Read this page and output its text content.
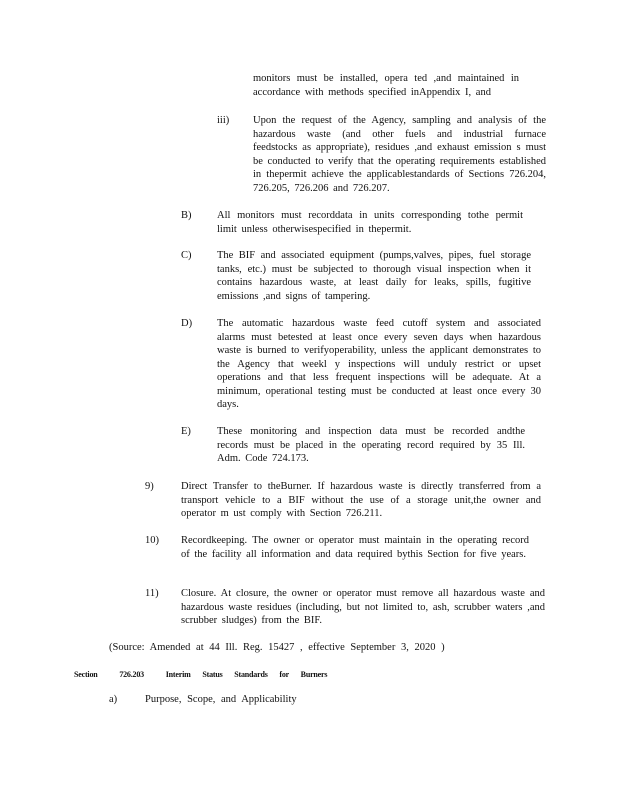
monitors must be installed, opera ted ,and maintained in accordance with methods specified inAppendix I, and
iii) Upon the request of the Agency, sampling and analysis of the hazardous waste (and other fuels and industrial furnace feedstocks as appropriate), residues ,and exhaust emission s must be conducted to verify that the operating requirements established in thepermit achieve the applicablestandards of Sections 726.204, 726.205, 726.206 and 726.207.
B) All monitors must recorddata in units corresponding tothe permit limit unless otherwisespecified in thepermit.
C) The BIF and associated equipment (pumps,valves, pipes, fuel storage tanks, etc.) must be subjected to thorough visual inspection when it contains hazardous waste, at least daily for leaks, spills, fugitive emissions ,and signs of tampering.
D) The automatic hazardous waste feed cutoff system and associated alarms must betested at least once every seven days when hazardous waste is burned to verifyoperability, unless the applicant demonstrates to the Agency that weekl y inspections will unduly restrict or upset operations and that less frequent inspections will be adequate. At a minimum, operational testing must be conducted at least once every 30 days.
E) These monitoring and inspection data must be recorded andthe records must be placed in the operating record required by 35 Ill. Adm. Code 724.173.
9)	Direct Transfer to theBurner. If hazardous waste is directly transferred from a transport vehicle to a BIF without the use of a storage unit,the owner and operator m ust comply with Section 726.211.
10) Recordkeeping. The owner or operator must maintain in the operating record of the facility all information and data required bythis Section for five years.
11) Closure. At closure, the owner or operator must remove all hazardous waste and hazardous waste residues (including, but not limited to, ash, scrubber waters ,and scrubber sludges) from the BIF.
(Source: Amended at 44 Ill. Reg. 15427 , effective September 3, 2020 )
Section	726.203	Interim Status Standards for Burners
a)	Purpose, Scope, and Applicability
